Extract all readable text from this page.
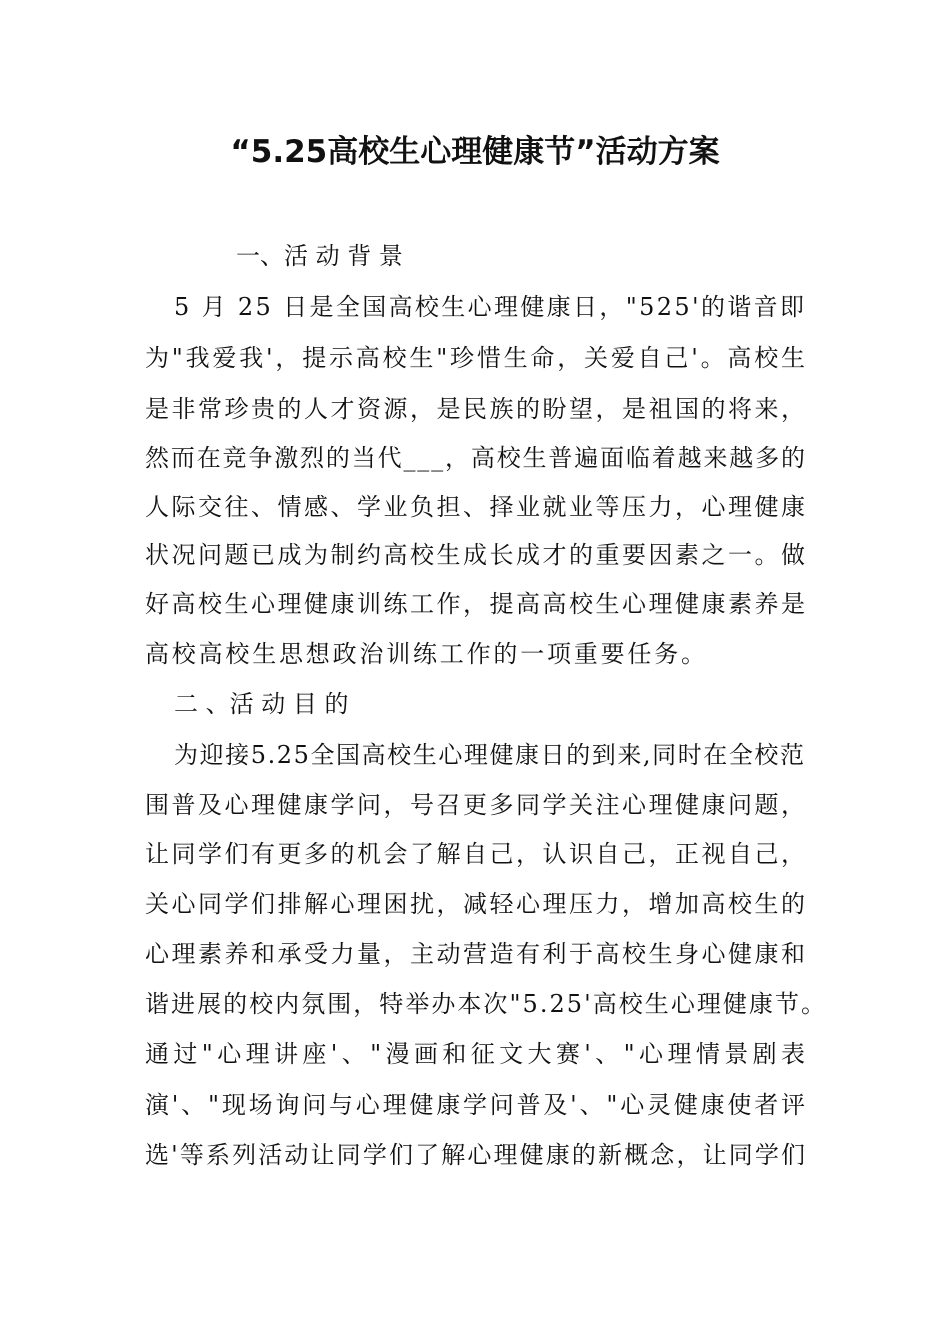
“5.25高校生心理健康节”活动方案
一、活 动 背 景
5 月 25 日是全国高校生心理健康日，"525'的谐音即
为"我爱我'，提示高校生"珍惜生命，关爱自己'。高校生
是非常珍贵的人才资源，是民族的盼望，是祖国的将来，
然而在竞争激烈的当代___，高校生普遍面临着越来越多的
人际交往、情感、学业负担、择业就业等压力，心理健康
状况问题已成为制约高校生成长成才的重要因素之一。做
好高校生心理健康训练工作，提高高校生心理健康素养是
高校高校生思想政治训练工作的一项重要任务。
二 、活 动 目 的
为迎接5.25全国高校生心理健康日的到来,同时在全校范
围普及心理健康学问，号召更多同学关注心理健康问题，
让同学们有更多的机会了解自己，认识自己，正视自己，
关心同学们排解心理困扰，减轻心理压力，增加高校生的
心理素养和承受力量，主动营造有利于高校生身心健康和
谐进展的校内氛围，特举办本次"5.25'高校生心理健康节。
通过"心理讲座'、"漫画和征文大赛'、"心理情景剧表
演'、"现场询问与心理健康学问普及'、"心灵健康使者评
选'等系列活动让同学们了解心理健康的新概念，让同学们
